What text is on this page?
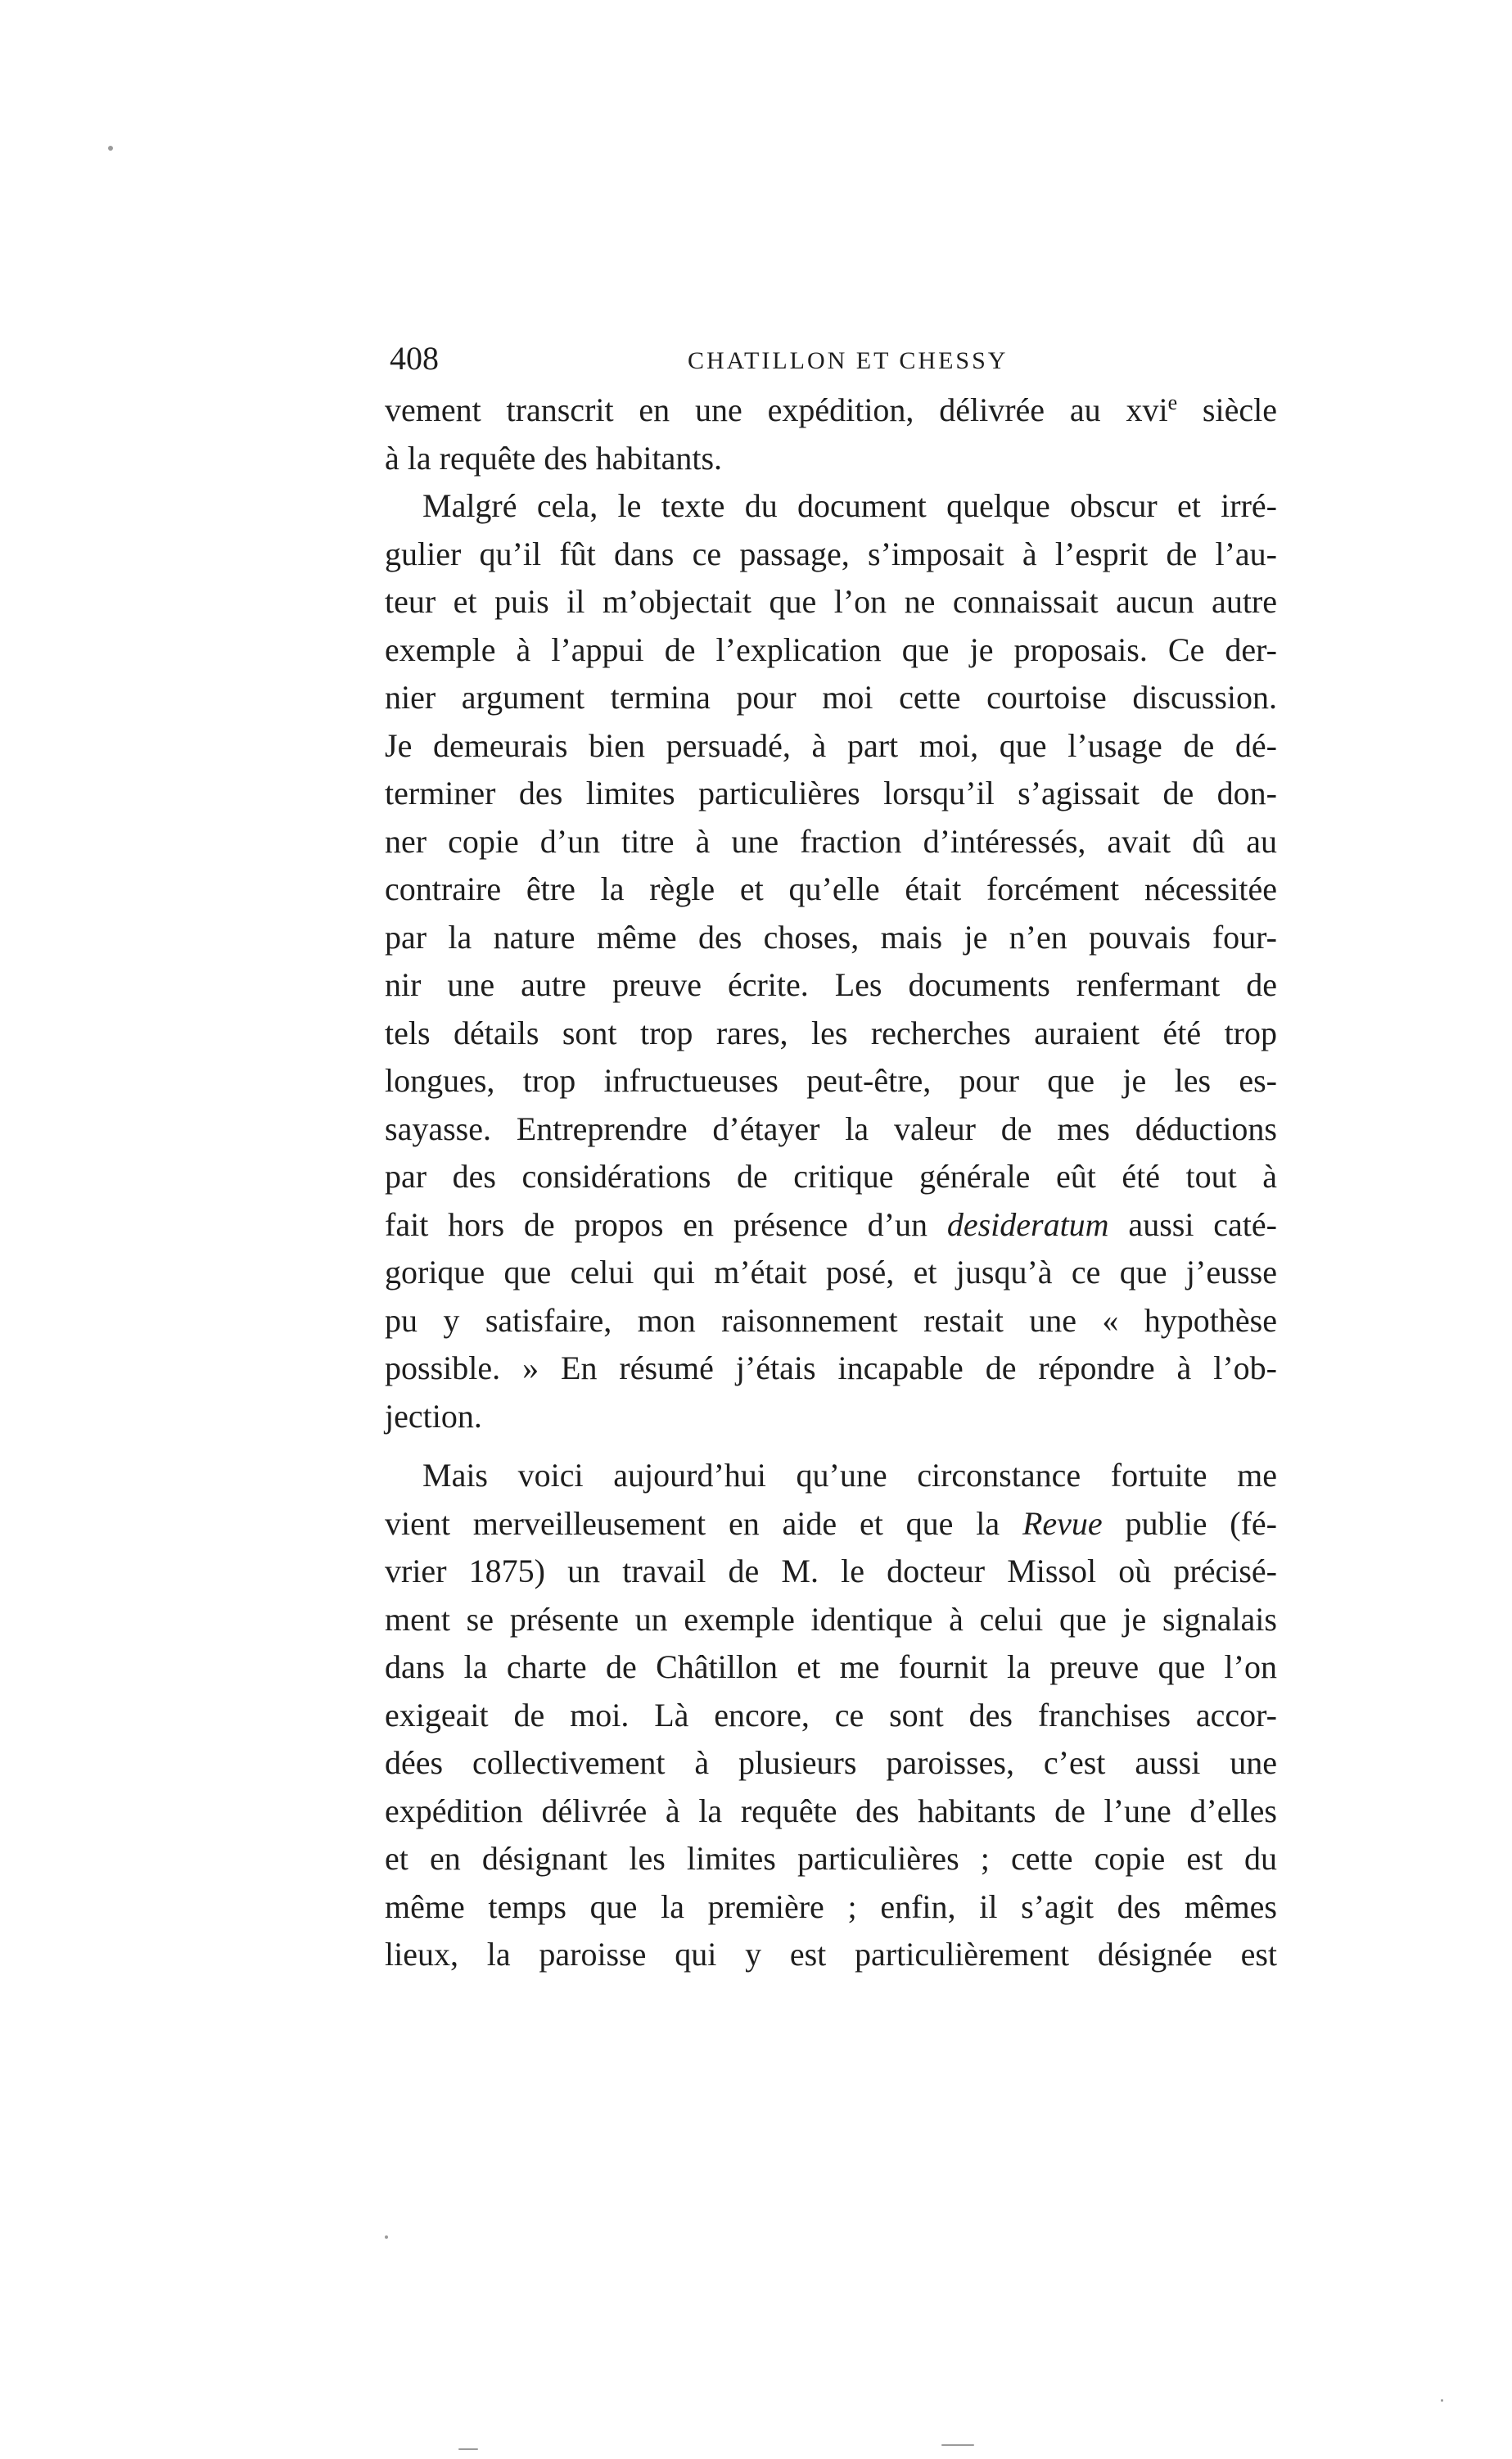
408	CHATILLON ET CHESSY
vement transcrit en une expédition, délivrée au xvi$^e$ siècle
à la requête des habitants.
Malgré cela, le texte du document quelque obscur et irré-
gulier qu’il fût dans ce passage, s’imposait à l’esprit de l’au-
teur et puis il m’objectait que l’on ne connaissait aucun autre
exemple à l’appui de l’explication que je proposais. Ce der-
nier argument termina pour moi cette courtoise discussion.
Je demeurais bien persuadé, à part moi, que l’usage de dé-
terminer des limites particulières lorsqu’il s’agissait de don-
ner copie d’un titre à une fraction d’intéressés, avait dû au
contraire être la règle et qu’elle était forcément nécessitée
par la nature même des choses, mais je n’en pouvais four-
nir une autre preuve écrite. Les documents renfermant de
tels détails sont trop rares, les recherches auraient été trop
longues, trop infructueuses peut-être, pour que je les es-
sayasse. Entreprendre d’étayer la valeur de mes déductions
par des considérations de critique générale eût été tout à
fait hors de propos en présence d’un desideratum aussi caté-
gorique que celui qui m’était posé, et jusqu’à ce que j’eusse
pu y satisfaire, mon raisonnement restait une « hypothèse
possible. » En résumé j’étais incapable de répondre à l’ob-
jection.
Mais voici aujourd’hui qu’une circonstance fortuite me
vient merveilleusement en aide et que la Revue publie (fé-
vrier 1875) un travail de M. le docteur Missol où précisé-
ment se présente un exemple identique à celui que je signalais
dans la charte de Châtillon et me fournit la preuve que l’on
exigeait de moi. Là encore, ce sont des franchises accor-
dées collectivement à plusieurs paroisses, c’est aussi une
expédition délivrée à la requête des habitants de l’une d’elles
et en désignant les limites particulières ; cette copie est du
même temps que la première ; enfin, il s’agit des mêmes
lieux, la paroisse qui y est particulièrement désignée est
